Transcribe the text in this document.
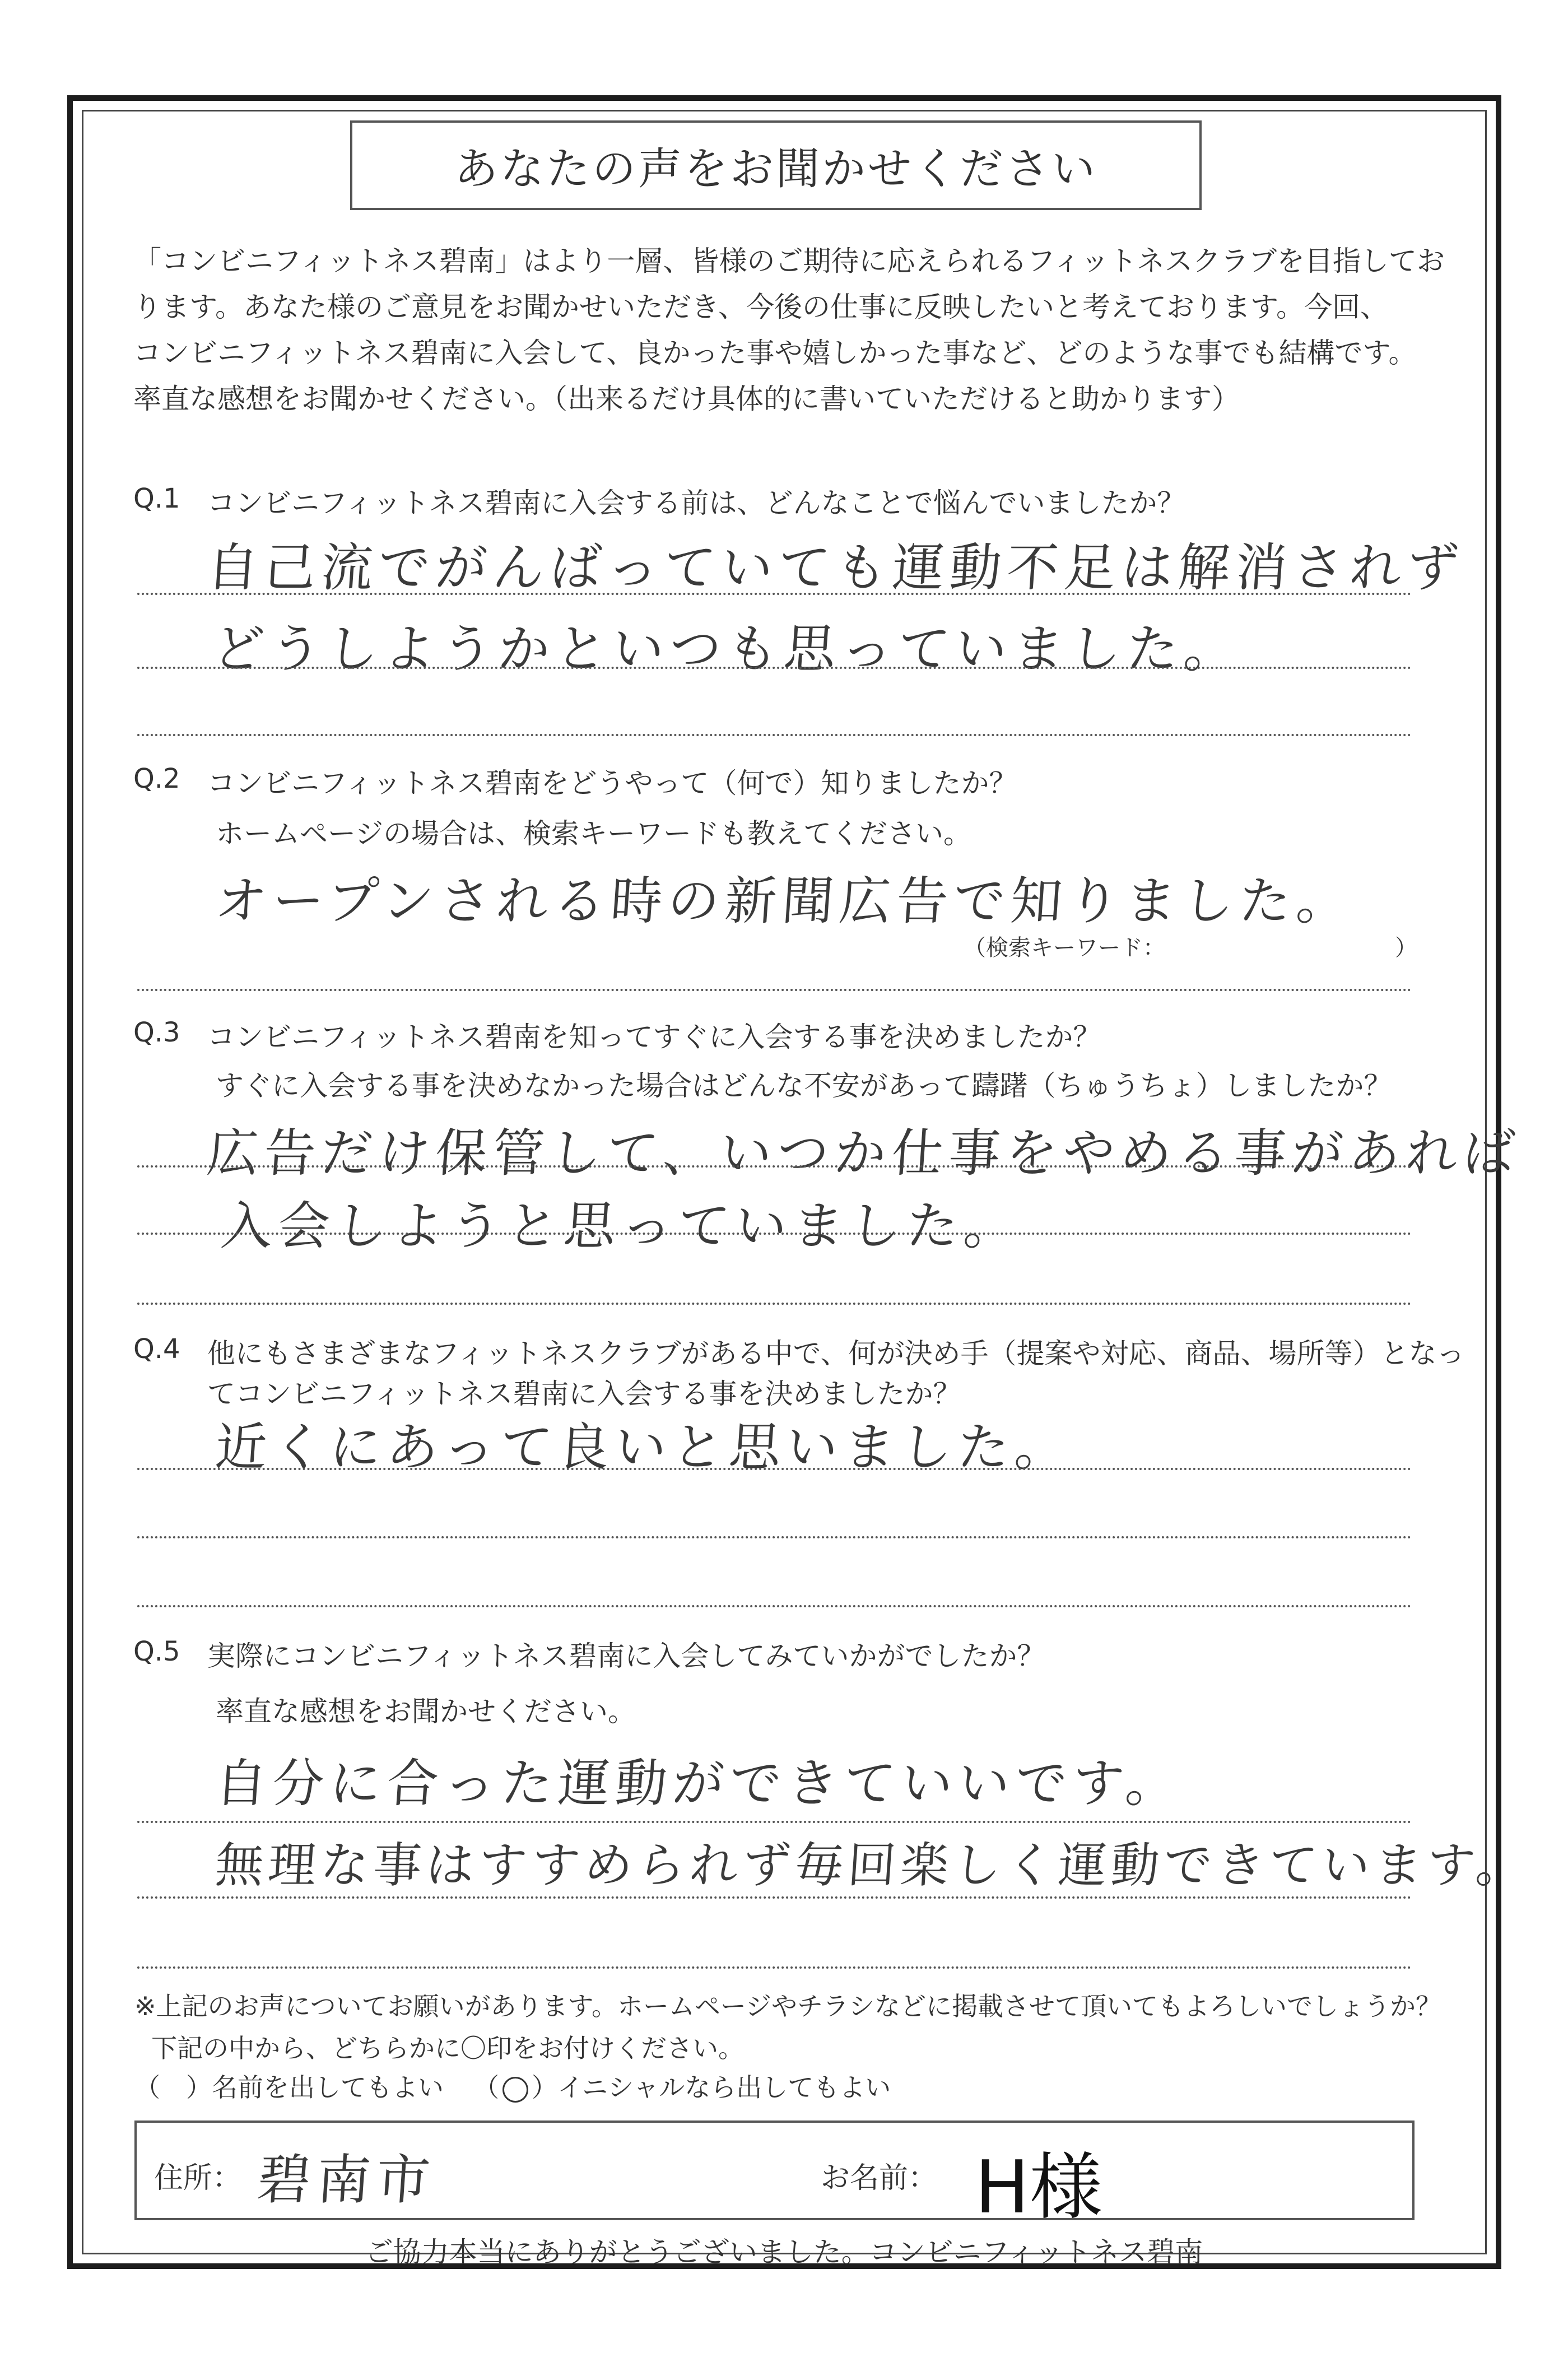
あなたの声をお聞かせください
「コンビニフィットネス碧南」はより一層、皆様のご期待に応えられるフィットネスクラブを目指してお
ります。あなた様のご意見をお聞かせいただき、今後の仕事に反映したいと考えております。今回、
コンビニフィットネス碧南に入会して、良かった事や嬉しかった事など、どのような事でも結構です。
率直な感想をお聞かせください。（出来るだけ具体的に書いていただけると助かります）
Q.1 コンビニフィットネス碧南に入会する前は、どんなことで悩んでいましたか？
自己流でがんばっていても運動不足は解消されず
どうしようかといつも思っていました。
Q.2 コンビニフィットネス碧南をどうやって（何で）知りましたか？
ホームページの場合は、検索キーワードも教えてください。
オープンされる時の新聞広告で知りました。
（検索キーワード：	）
Q.3 コンビニフィットネス碧南を知ってすぐに入会する事を決めましたか？
すぐに入会する事を決めなかった場合はどんな不安があって躊躇（ちゅうちょ）しましたか？
広告だけ保管して、いつか仕事をやめる事があれば
入会しようと思っていました。
Q.4 他にもさまざまなフィットネスクラブがある中で、何が決め手（提案や対応、商品、場所等）となっ
てコンビニフィットネス碧南に入会する事を決めましたか？
近くにあって良いと思いました。
Q.5 実際にコンビニフィットネス碧南に入会してみていかがでしたか？
率直な感想をお聞かせください。
自分に合った運動ができていいです。
無理な事はすすめられず毎回楽しく運動できています。
※上記のお声についてお願いがあります。ホームページやチラシなどに掲載させて頂いてもよろしいでしょうか？
下記の中から、どちらかに〇印をお付けください。
（　）名前を出してもよい （ ）イニシャルなら出してもよい
住所： 碧南市	お名前： H様
ご協力本当にありがとうございました。コンビニフィットネス碧南
